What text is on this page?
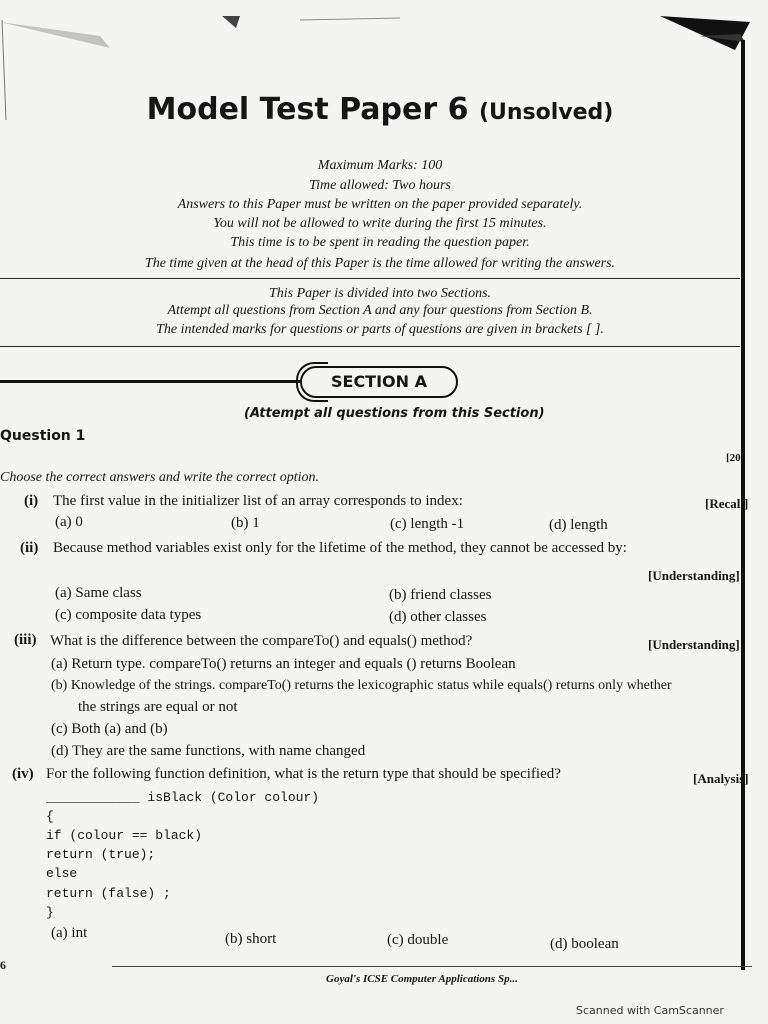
Model Test Paper 6 (Unsolved)
Maximum Marks: 100
Time allowed: Two hours
Answers to this Paper must be written on the paper provided separately.
You will not be allowed to write during the first 15 minutes.
This time is to be spent in reading the question paper.
The time given at the head of this Paper is the time allowed for writing the answers.
This Paper is divided into two Sections.
Attempt all questions from Section A and any four questions from Section B.
The intended marks for questions or parts of questions are given in brackets [ ].
SECTION A
(Attempt all questions from this Section)
Question 1
[20]
Choose the correct answers and write the correct option.
(i) The first value in the initializer list of an array corresponds to index:	[Recall]
(a) 0	(b) 1	(c) length -1	(d) length
(ii) Because method variables exist only for the lifetime of the method, they cannot be accessed by:
[Understanding]
(a) Same class	(b) friend classes
(c) composite data types	(d) other classes
(iii) What is the difference between the compareTo() and equals() method?	[Understanding]
(a) Return type. compareTo() returns an integer and equals () returns Boolean
(b) Knowledge of the strings. compareTo() returns the lexicographic status while equals() returns only whether
the strings are equal or not
(c) Both (a) and (b)
(d) They are the same functions, with name changed
(iv) For the following function definition, what is the return type that should be specified?	[Analysis]
____________ isBlack (Color colour)
{
if (colour == black)
return (true);
else
return (false) ;
}
(a) int	(b) short	(c) double	(d) boolean
6
Goyal's ICSE Computer Applications Sp...
Scanned with CamScanner
